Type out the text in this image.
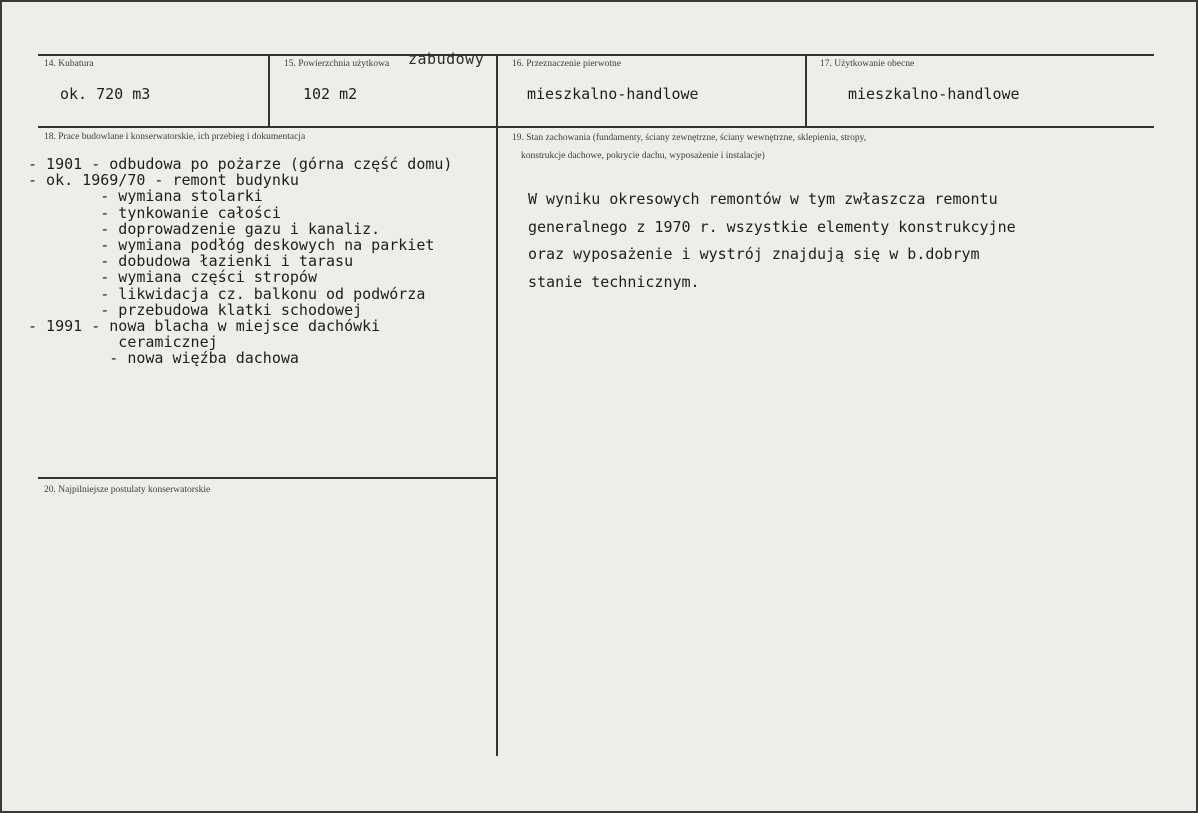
14. Kubatura
ok. 720 m3
15. Powierzchnia użytkowa zabudowy
102 m2
16. Przeznaczenie pierwotne
mieszkalno-handlowe
17. Użytkowanie obecne
mieszkalno-handlowe
18. Prace budowlane i konserwatorskie, ich przebieg i dokumentacja
- 1901 - odbudowa po pożarze (górna część domu)
- ok. 1969/70 - remont budynku
- wymiana stolarki
- tynkowanie całości
- doprowadzenie gazu i kanaliz.
- wymiana podłóg deskowych na parkiet
- dobudowa łazienki i tarasu
- wymiana części stropów
- likwidacja cz. balkonu od podwórza
- przebudowa klatki schodowej
- 1991 - nowa blacha w miejsce dachówki
ceramicznej
- nowa więźba dachowa
19. Stan zachowania (fundamenty, ściany zewnętrzne, ściany wewnętrzne, sklepienia, stropy,
konstrukcje dachowe, pokrycie dachu, wyposażenie i instalacje)
W wyniku okresowych remontów w tym zwłaszcza remontu
generalnego z 1970 r. wszystkie elementy konstrukcyjne
oraz wyposażenie i wystrój znajdują się w b.dobrym
stanie technicznym.
20. Najpilniejsze postulaty konserwatorskie
